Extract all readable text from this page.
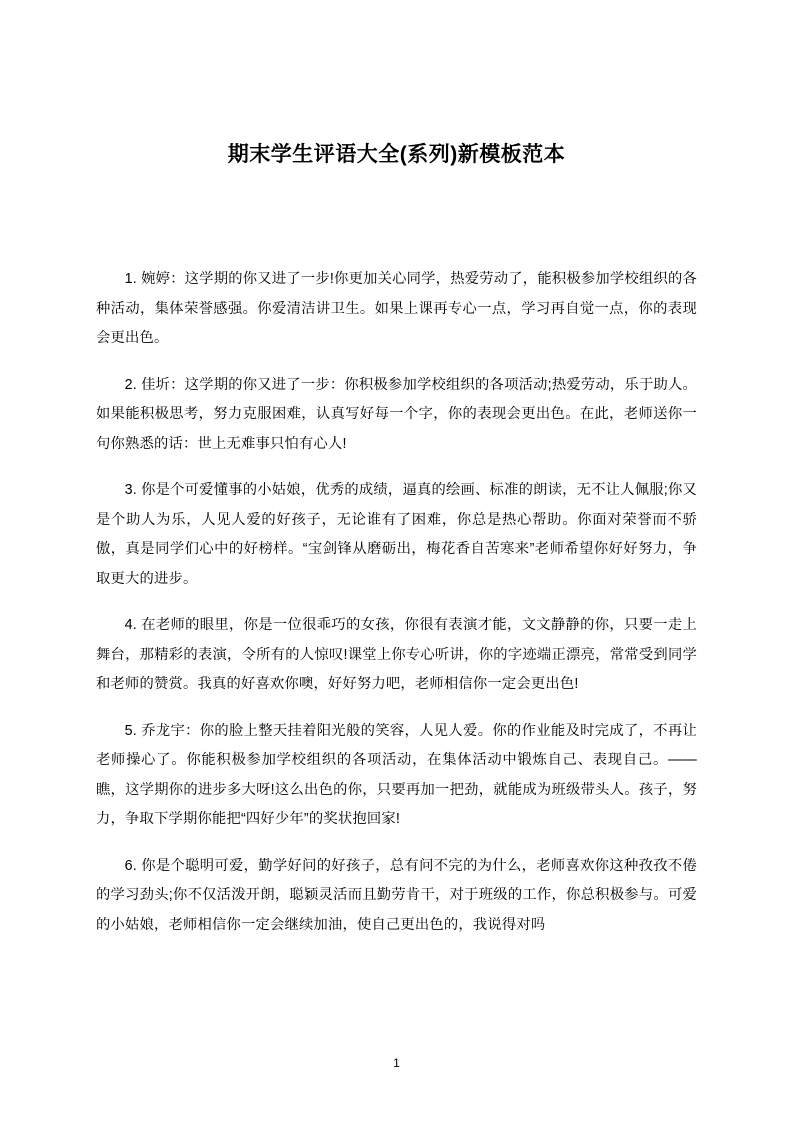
期末学生评语大全(系列)新模板范本

1. 婉婷：这学期的你又进了一步!你更加关心同学，热爱劳动了，能积极参加学校组织的各种活动，集体荣誉感强。你爱清洁讲卫生。如果上课再专心一点，学习再自觉一点，你的表现会更出色。

2. 佳圻：这学期的你又进了一步：你积极参加学校组织的各项活动;热爱劳动，乐于助人。如果能积极思考，努力克服困难，认真写好每一个字，你的表现会更出色。在此，老师送你一句你熟悉的话：世上无难事只怕有心人!

3. 你是个可爱懂事的小姑娘，优秀的成绩，逼真的绘画、标准的朗读，无不让人佩服;你又是个助人为乐，人见人爱的好孩子，无论谁有了困难，你总是热心帮助。你面对荣誉而不骄傲，真是同学们心中的好榜样。“宝剑锋从磨砺出，梅花香自苦寒来”老师希望你好好努力，争取更大的进步。

4. 在老师的眼里，你是一位很乖巧的女孩，你很有表演才能，文文静静的你，只要一走上舞台，那精彩的表演，令所有的人惊叹!课堂上你专心听讲，你的字迹端正漂亮，常常受到同学和老师的赞赏。我真的好喜欢你噢，好好努力吧，老师相信你一定会更出色!

5. 乔龙宇：你的脸上整天挂着阳光般的笑容，人见人爱。你的作业能及时完成了，不再让老师操心了。你能积极参加学校组织的各项活动，在集体活动中锻炼自己、表现自己。——瞧，这学期你的进步多大呀!这么出色的你，只要再加一把劲，就能成为班级带头人。孩子，努力，争取下学期你能把“四好少年”的奖状抱回家!

6. 你是个聪明可爱，勤学好问的好孩子，总有问不完的为什么，老师喜欢你这种孜孜不倦的学习劲头;你不仅活泼开朗，聪颖灵活而且勤劳肯干，对于班级的工作，你总积极参与。可爱的小姑娘，老师相信你一定会继续加油，使自己更出色的，我说得对吗

1
